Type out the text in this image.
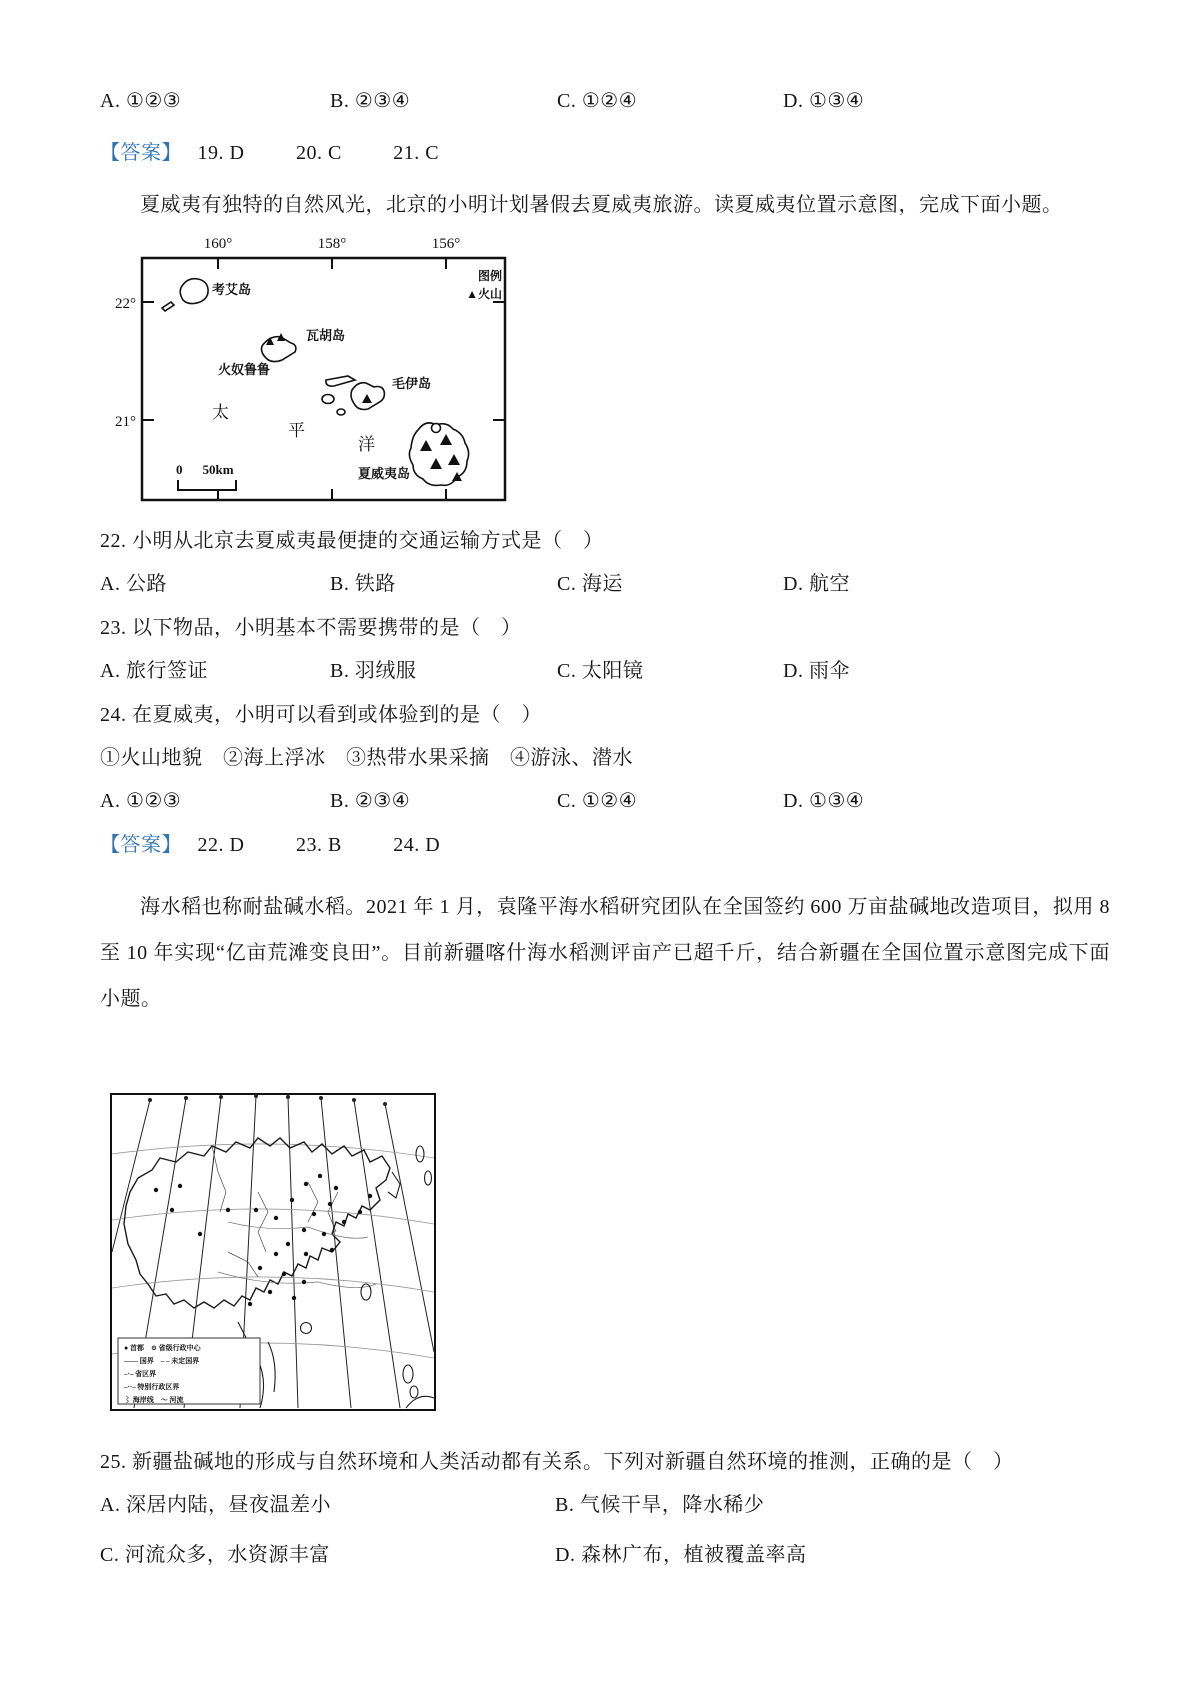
A. ①②③	B. ②③④	C. ①②④	D. ①③④
【答案】 19. D	20. C	21. C
夏威夷有独特的自然风光，北京的小明计划暑假去夏威夷旅游。读夏威夷位置示意图，完成下面小题。
160°	158°	156°
22°
21°
考艾岛
瓦胡岛
火奴鲁鲁
毛伊岛
夏威夷岛
太
平
洋
图例
▲火山
0 50km
22. 小明从北京去夏威夷最便捷的交通运输方式是（　）
A. 公路	B. 铁路	C. 海运	D. 航空
23. 以下物品，小明基本不需要携带的是（　）
A. 旅行签证	B. 羽绒服	C. 太阳镜	D. 雨伞
24. 在夏威夷，小明可以看到或体验到的是（　）
①火山地貌　②海上浮冰　③热带水果采摘　④游泳、潜水
A. ①②③	B. ②③④	C. ①②④	D. ①③④
【答案】 22. D	23. B	24. D
海水稻也称耐盐碱水稻。2021 年 1 月，袁隆平海水稻研究团队在全国签约 600 万亩盐碱地改造项目，拟用 8 至 10 年实现“亿亩荒滩变良田”。目前新疆喀什海水稻测评亩产已超千斤，结合新疆在全国位置示意图完成下面小题。
● 首都　⊙ 省级行政中心
—— 国界　– – 未定国界
–·– 省区界
–··– 特别行政区界
⌇ 海岸线　～ 河流
25. 新疆盐碱地的形成与自然环境和人类活动都有关系。下列对新疆自然环境的推测，正确的是（　）
A. 深居内陆，昼夜温差小	B. 气候干旱，降水稀少
C. 河流众多，水资源丰富	D. 森林广布，植被覆盖率高
